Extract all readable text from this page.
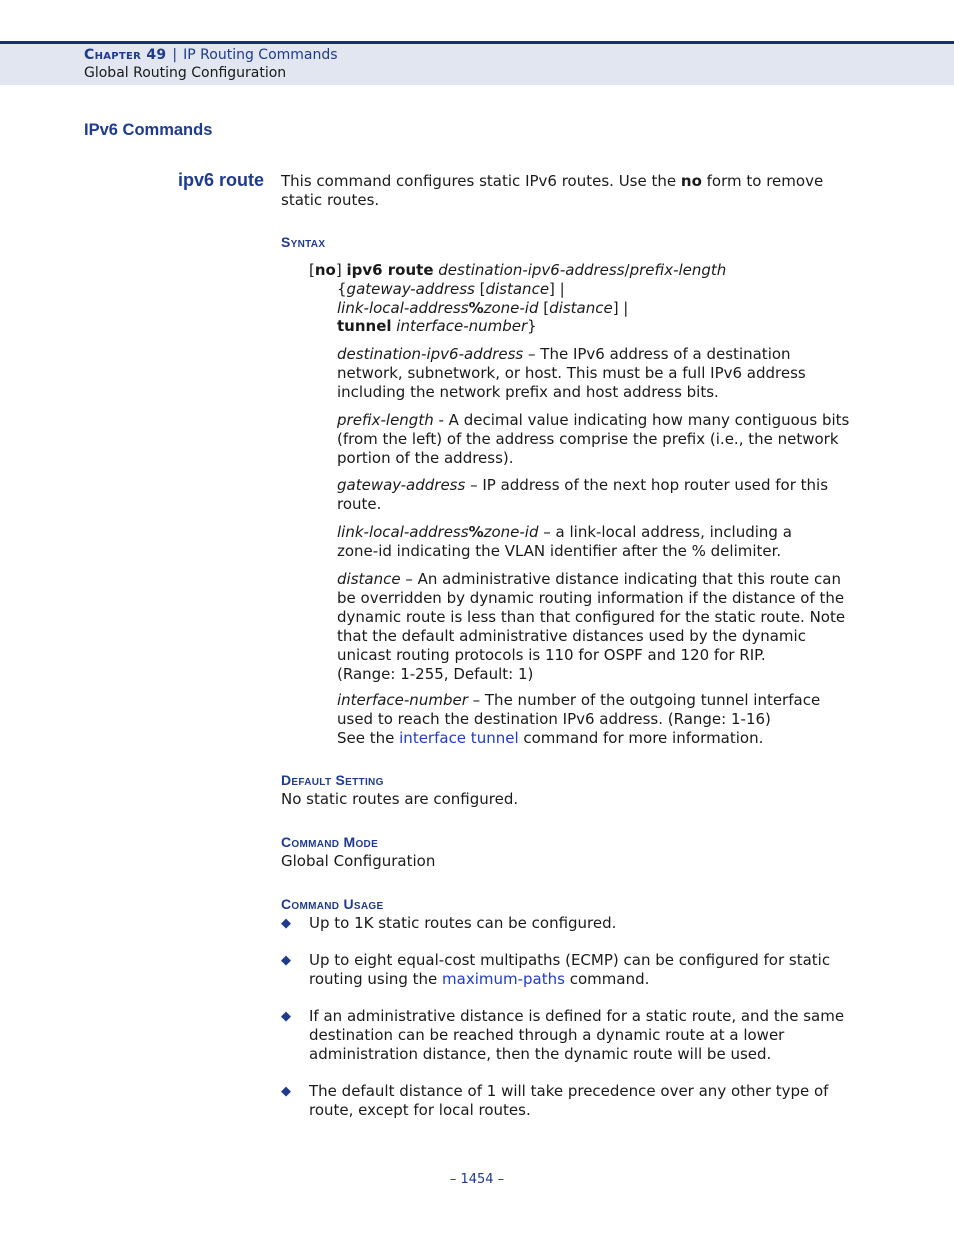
Chapter 49 | IP Routing Commands
Global Routing Configuration
IPv6 Commands
ipv6 route This command configures static IPv6 routes. Use the no form to remove
static routes.
Syntax
[no] ipv6 route destination-ipv6-address/prefix-length
{gateway-address [distance] |
link-local-address%zone-id [distance] |
tunnel interface-number}
destination-ipv6-address – The IPv6 address of a destination
network, subnetwork, or host. This must be a full IPv6 address
including the network prefix and host address bits.
prefix-length - A decimal value indicating how many contiguous bits
(from the left) of the address comprise the prefix (i.e., the network
portion of the address).
gateway-address – IP address of the next hop router used for this
route.
link-local-address%zone-id – a link-local address, including a
zone-id indicating the VLAN identifier after the % delimiter.
distance – An administrative distance indicating that this route can
be overridden by dynamic routing information if the distance of the
dynamic route is less than that configured for the static route. Note
that the default administrative distances used by the dynamic
unicast routing protocols is 110 for OSPF and 120 for RIP.
(Range: 1-255, Default: 1)
interface-number – The number of the outgoing tunnel interface
used to reach the destination IPv6 address. (Range: 1-16)
See the interface tunnel command for more information.
Default Setting
No static routes are configured.
Command Mode
Global Configuration
Command Usage
◆ Up to 1K static routes can be configured.
◆ Up to eight equal-cost multipaths (ECMP) can be configured for static
routing using the maximum-paths command.
◆ If an administrative distance is defined for a static route, and the same
destination can be reached through a dynamic route at a lower
administration distance, then the dynamic route will be used.
◆ The default distance of 1 will take precedence over any other type of
route, except for local routes.
– 1454 –
